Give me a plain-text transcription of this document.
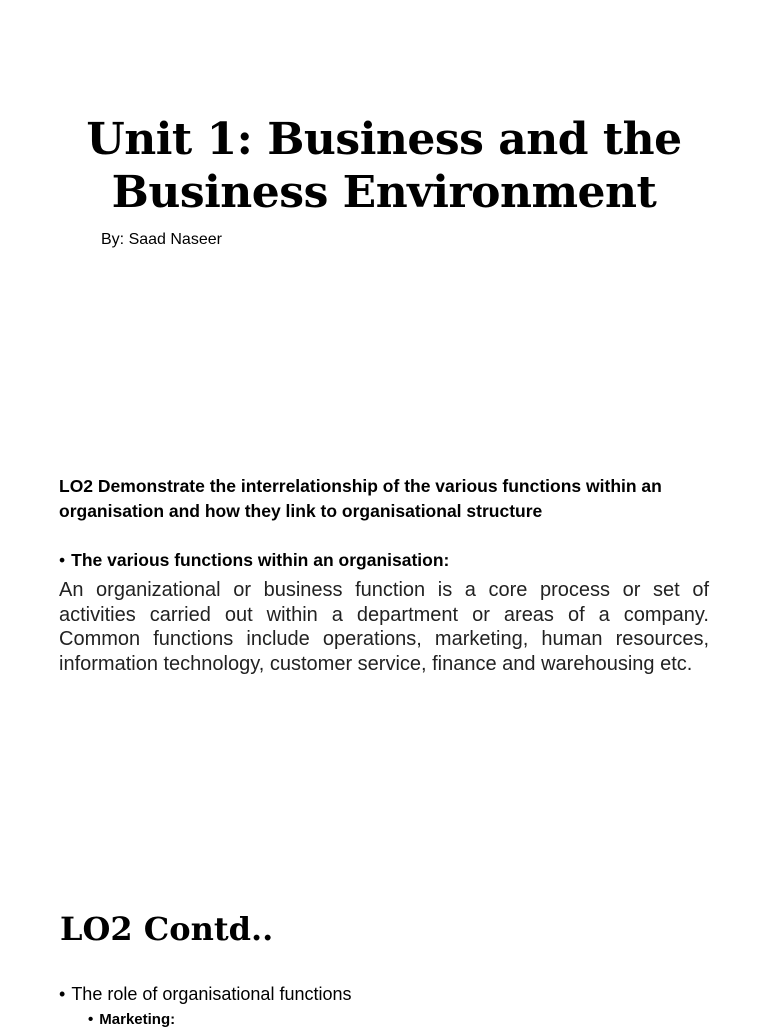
Unit 1: Business and the
Business Environment

By: Saad Naseer

LO2 Demonstrate the interrelationship of the various functions within an organisation and how they link to organisational structure

• The various functions within an organisation:

An organizational or business function is a core process or set of activities carried out within a department or areas of a company. Common functions include operations, marketing, human resources, information technology, customer service, finance and warehousing etc.

LO2 Contd..

• The role of organisational functions

• Marketing:
